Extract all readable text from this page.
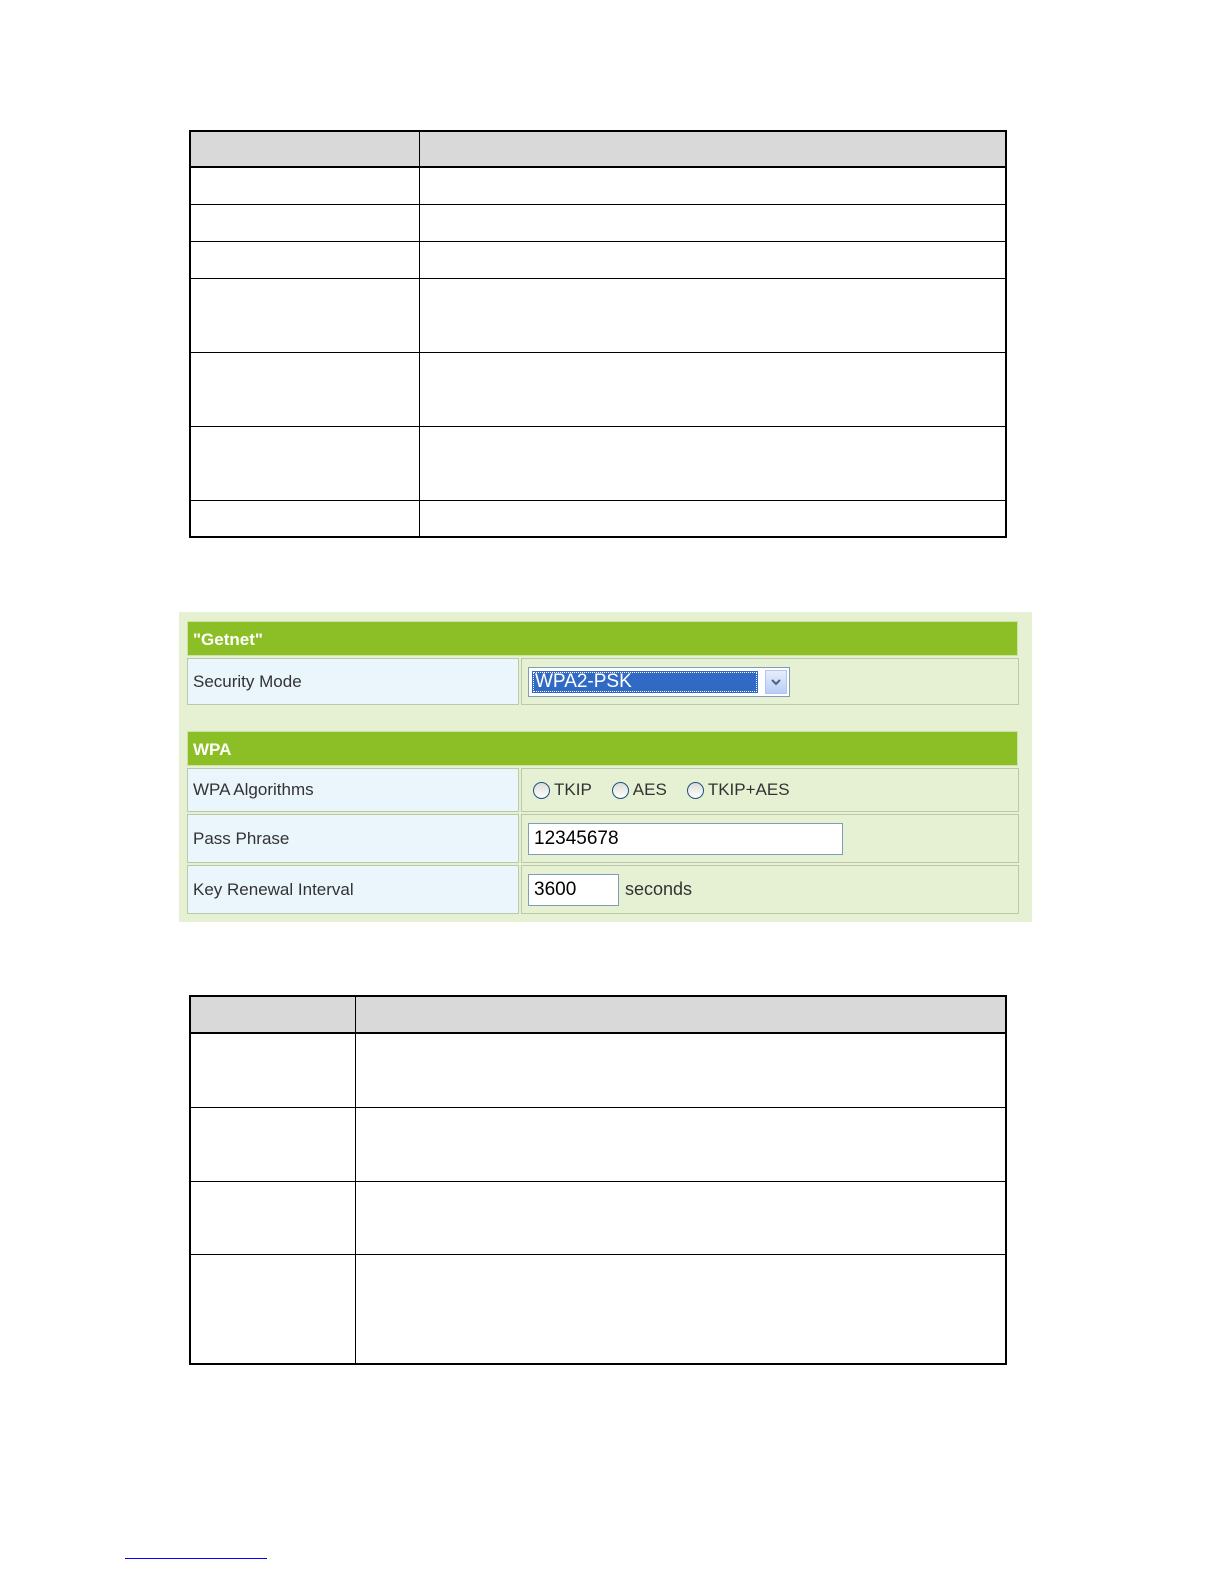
"Getnet"
Security Mode	WPA2-PSK
WPA
WPA Algorithms	TKIP AES TKIP+AES
Pass Phrase	12345678
Key Renewal Interval	3600	seconds
